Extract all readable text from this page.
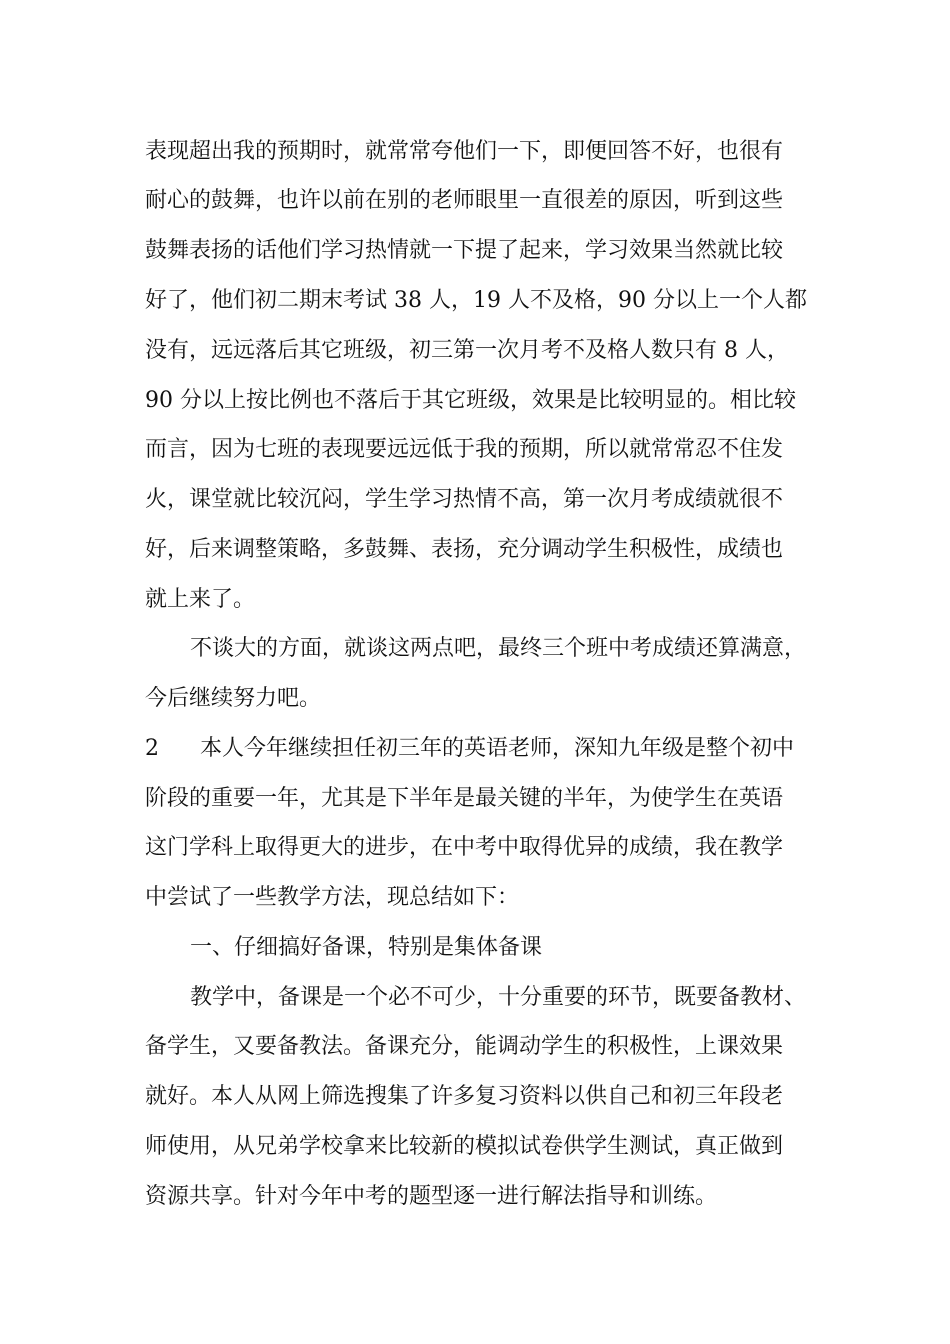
表现超出我的预期时，就常常夸他们一下，即便回答不好，也很有
耐心的鼓舞，也许以前在别的老师眼里一直很差的原因，听到这些
鼓舞表扬的话他们学习热情就一下提了起来，学习效果当然就比较
好了，他们初二期末考试 38 人，19 人不及格，90 分以上一个人都
没有，远远落后其它班级，初三第一次月考不及格人数只有 8 人，
90 分以上按比例也不落后于其它班级，效果是比较明显的。相比较
而言，因为七班的表现要远远低于我的预期，所以就常常忍不住发
火，课堂就比较沉闷，学生学习热情不高，第一次月考成绩就很不
好，后来调整策略，多鼓舞、表扬，充分调动学生积极性，成绩也
就上来了。
不谈大的方面，就谈这两点吧，最终三个班中考成绩还算满意，
今后继续努力吧。
2 本人今年继续担任初三年的英语老师，深知九年级是整个初中
阶段的重要一年，尤其是下半年是最关键的半年，为使学生在英语
这门学科上取得更大的进步，在中考中取得优异的成绩，我在教学
中尝试了一些教学方法，现总结如下：
一、仔细搞好备课，特别是集体备课
教学中，备课是一个必不可少，十分重要的环节，既要备教材、
备学生，又要备教法。备课充分，能调动学生的积极性，上课效果
就好。本人从网上筛选搜集了许多复习资料以供自己和初三年段老
师使用，从兄弟学校拿来比较新的模拟试卷供学生测试，真正做到
资源共享。针对今年中考的题型逐一进行解法指导和训练。
